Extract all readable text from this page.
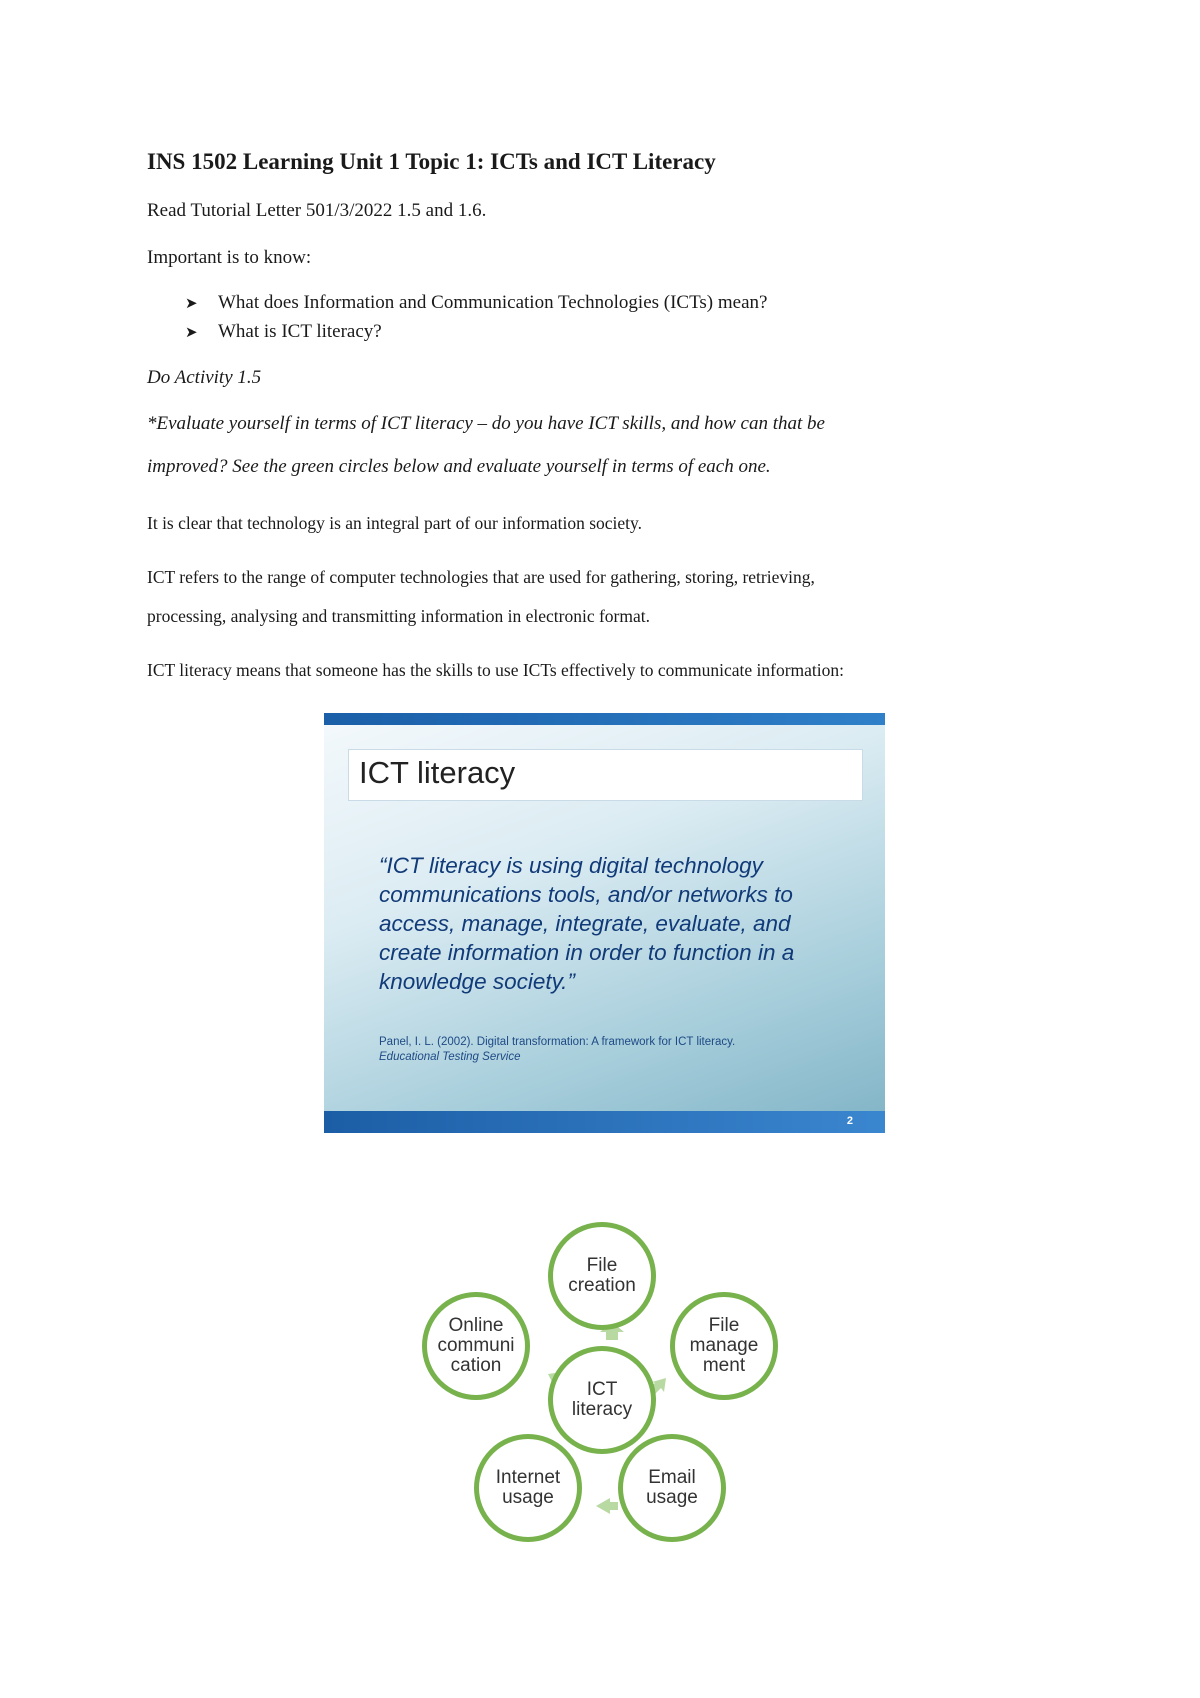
INS 1502 Learning Unit 1 Topic 1: ICTs and ICT Literacy
Read Tutorial Letter 501/3/2022 1.5 and 1.6.
Important is to know:
➤ What does Information and Communication Technologies (ICTs) mean?
➤ What is ICT literacy?
Do Activity 1.5
*Evaluate yourself in terms of ICT literacy – do you have ICT skills, and how can that be
improved? See the green circles below and evaluate yourself in terms of each one.
It is clear that technology is an integral part of our information society.
ICT refers to the range of computer technologies that are used for gathering, storing, retrieving,
processing, analysing and transmitting information in electronic format.
ICT literacy means that someone has the skills to use ICTs effectively to communicate information:
ICT literacy
“ICT literacy is using digital technology communications tools, and/or networks to access, manage, integrate, evaluate, and create information in order to function in a knowledge society.”
Panel, I. L. (2002). Digital transformation: A framework for ICT literacy.
Educational Testing Service
2
File
creation
File
manage
ment
Email
usage
Internet
usage
Online
communi
cation
ICT
literacy
